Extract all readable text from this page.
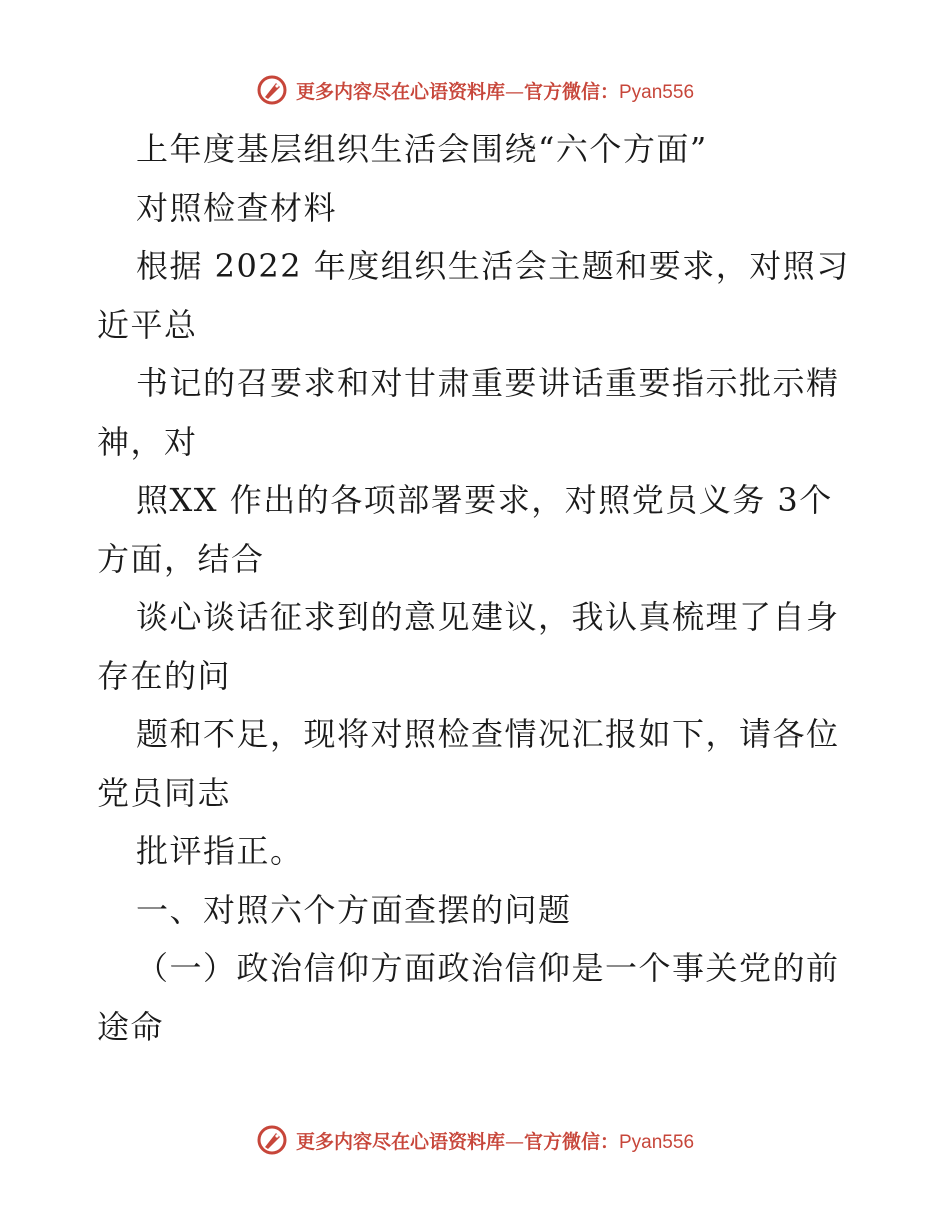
更多内容尽在心语资料库 — 官方微信： Pyan556
上年度基层组织生活会围绕“六个方面”
对照检查材料
根据 2022 年度组织生活会主题和要求，对照习
近平总
书记的召要求和对甘肃重要讲话重要指示批示精
神，对
照XX 作出的各项部署要求，对照党员义务 3个
方面，结合
谈心谈话征求到的意见建议，我认真梳理了自身
存在的问
题和不足，现将对照检查情况汇报如下，请各位
党员同志
批评指正。
一、对照六个方面查摆的问题
（一）政治信仰方面政治信仰是一个事关党的前
途命
更多内容尽在心语资料库 — 官方微信： Pyan556
